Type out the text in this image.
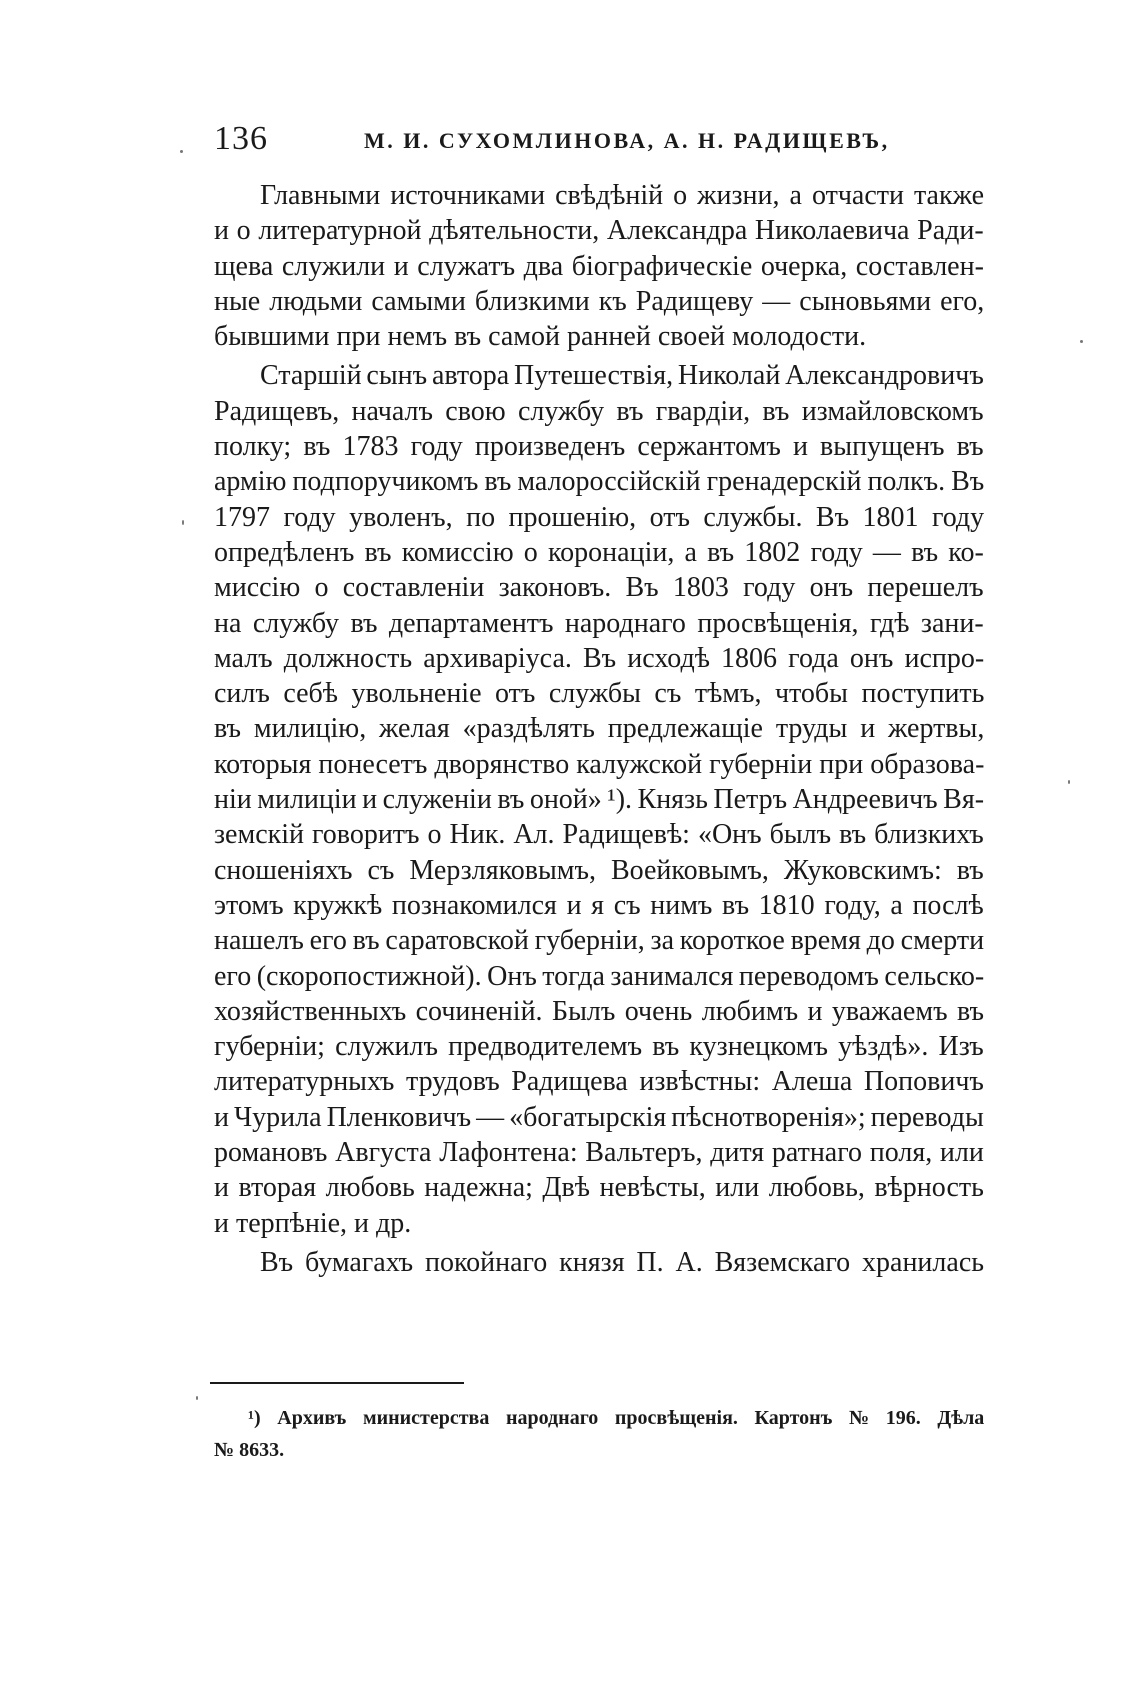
136	М. И. СУХОМЛИНОВА, А. Н. РАДИЩЕВЪ,
Главными источниками свѣдѣній о жизни, а отчасти также
и о литературной дѣятельности, Александра Николаевича Ради-
щева служили и служатъ два біографическіе очерка, составлен-
ные людьми самыми близкими къ Радищеву — сыновьями его,
бывшими при немъ въ самой ранней своей молодости.
Старшій сынъ автора Путешествія, Николай Александровичъ
Радищевъ, началъ свою службу въ гвардіи, въ измайловскомъ
полку; въ 1783 году произведенъ сержантомъ и выпущенъ въ
армію подпоручикомъ въ малороссійскій гренадерскій полкъ. Въ
1797 году уволенъ, по прошенію, отъ службы. Въ 1801 году
опредѣленъ въ комиссію о коронаціи, а въ 1802 году — въ ко-
миссію о составленіи законовъ. Въ 1803 году онъ перешелъ
на службу въ департаментъ народнаго просвѣщенія, гдѣ зани-
малъ должность архиваріуса. Въ исходѣ 1806 года онъ испро-
силъ себѣ увольненіе отъ службы съ тѣмъ, чтобы поступить
въ милицію, желая «раздѣлять предлежащіе труды и жертвы,
которыя понесетъ дворянство калужской губерніи при образова-
ніи милиціи и служеніи въ оной» ¹). Князь Петръ Андреевичъ Вя-
земскій говоритъ о Ник. Ал. Радищевѣ: «Онъ былъ въ близкихъ
сношеніяхъ съ Мерзляковымъ, Воейковымъ, Жуковскимъ: въ
этомъ кружкѣ познакомился и я съ нимъ въ 1810 году, а послѣ
нашелъ его въ саратовской губерніи, за короткое время до смерти
его (скоропостижной). Онъ тогда занимался переводомъ сельско-
хозяйственныхъ сочиненій. Былъ очень любимъ и уважаемъ въ
губерніи; служилъ предводителемъ въ кузнецкомъ уѣздѣ». Изъ
литературныхъ трудовъ Радищева извѣстны: Алеша Поповичъ
и Чурила Пленковичъ — «богатырскія пѣснотворенія»; переводы
романовъ Августа Лафонтена: Вальтеръ, дитя ратнаго поля, или
и вторая любовь надежна; Двѣ невѣсты, или любовь, вѣрность
и терпѣніе, и др.
Въ бумагахъ покойнаго князя П. А. Вяземскаго хранилась
¹) Архивъ министерства народнаго просвѣщенія. Картонъ № 196. Дѣла
№ 8633.
